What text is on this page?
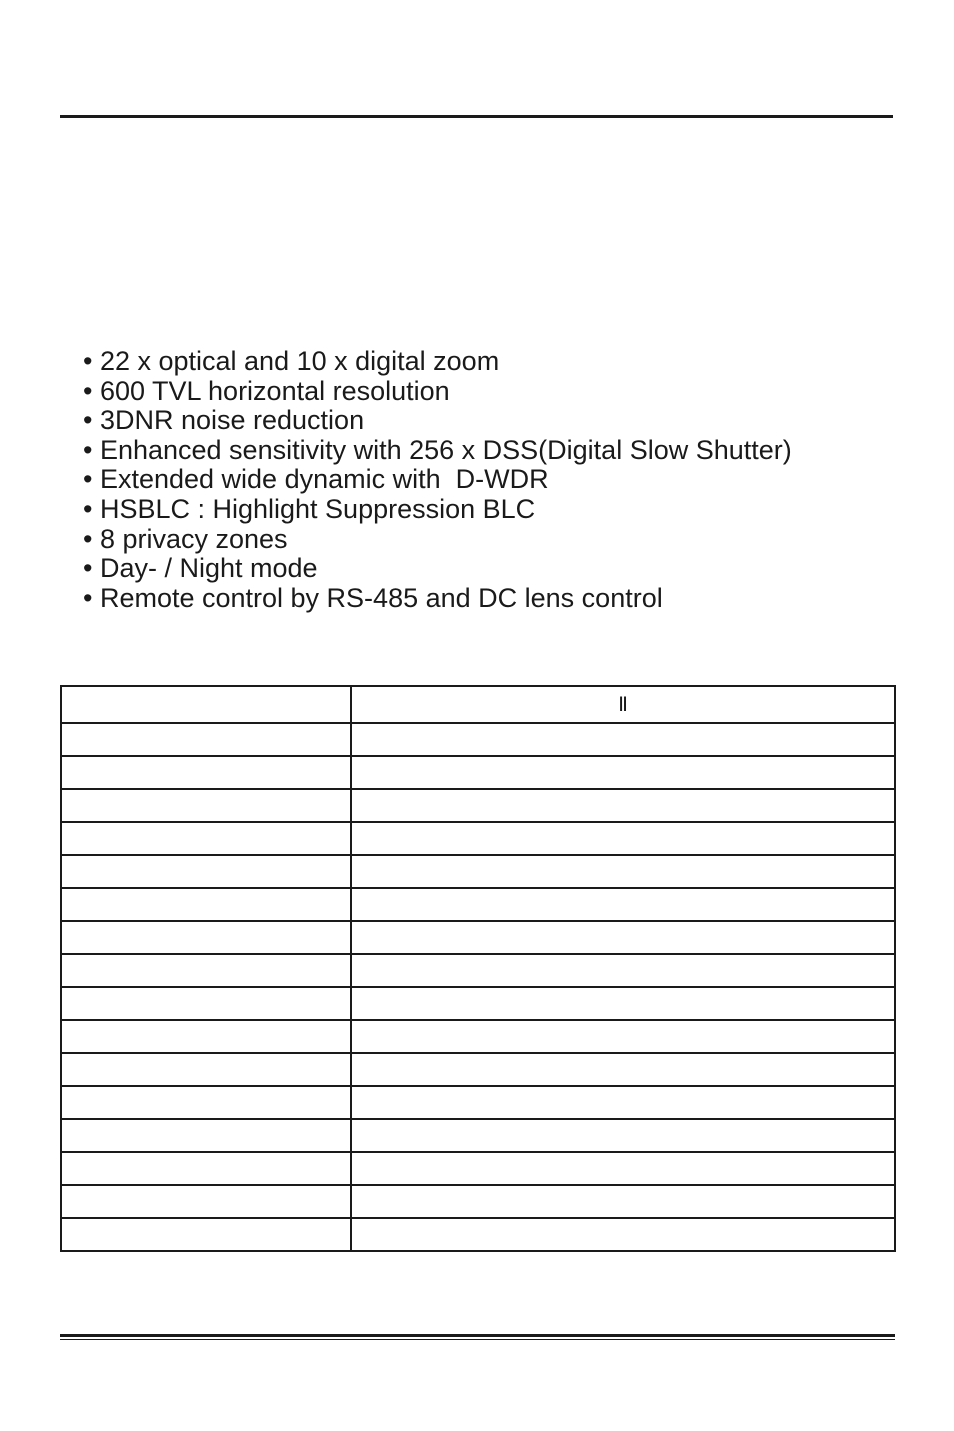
• 22 x optical and 10 x digital zoom
• 600 TVL horizontal resolution
• 3DNR noise reduction
• Enhanced sensitivity with 256 x DSS(Digital Slow Shutter)
• Extended wide dynamic with  D-WDR
• HSBLC : Highlight Suppression BLC
• 8 privacy zones
• Day- / Night mode
• Remote control by RS-485 and DC lens control
	Ⅱ
